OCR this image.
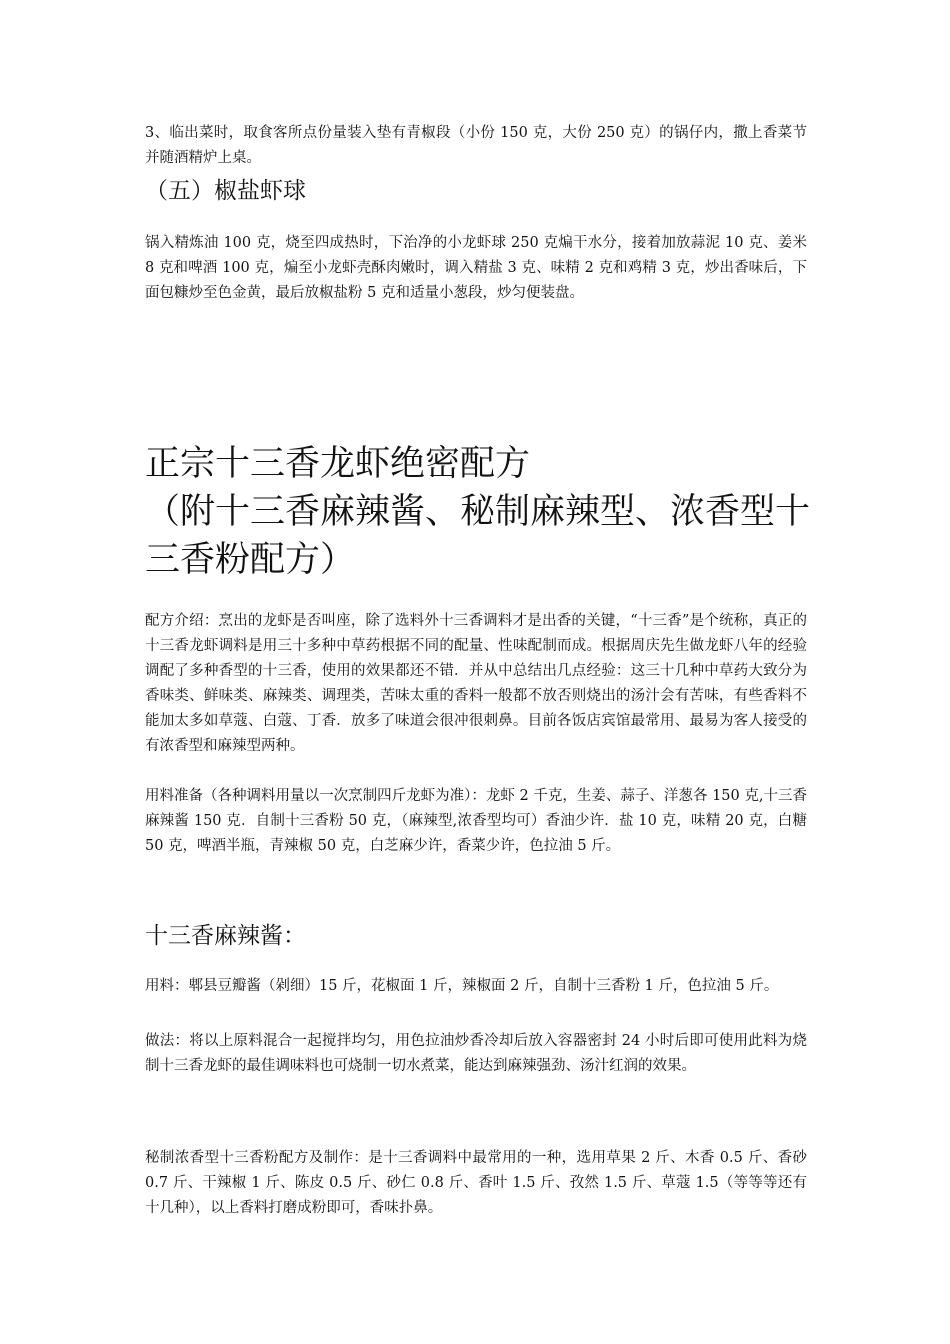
3、临出菜时，取食客所点份量装入垫有青椒段（小份 150 克，大份 250 克）的锅仔内，撒上香菜节并随酒精炉上桌。

（五）椒盐虾球

锅入精炼油 100 克，烧至四成热时，下治净的小龙虾球 250 克煸干水分，接着加放蒜泥 10 克、姜米 8 克和啤酒 100 克，煸至小龙虾壳酥肉嫩时，调入精盐 3 克、味精 2 克和鸡精 3 克，炒出香味后，下面包糠炒至色金黄，最后放椒盐粉 5 克和适量小葱段，炒匀便装盘。

正宗十三香龙虾绝密配方
（附十三香麻辣酱、秘制麻辣型、浓香型十
三香粉配方）

配方介绍：烹出的龙虾是否叫座，除了选料外十三香调料才是出香的关键，“十三香”是个统称，真正的十三香龙虾调料是用三十多种中草药根据不同的配量、性味配制而成。根据周庆先生做龙虾八年的经验调配了多种香型的十三香，使用的效果都还不错．并从中总结出几点经验：这三十几种中草药大致分为香味类、鲜味类、麻辣类、调理类，苦味太重的香料一般都不放否则烧出的汤汁会有苦味，有些香料不能加太多如草蔻、白蔻、丁香．放多了味道会很冲很刺鼻。目前各饭店宾馆最常用、最易为客人接受的有浓香型和麻辣型两种。

用料准备（各种调料用量以一次烹制四斤龙虾为准）：龙虾 2 千克，生姜、蒜子、洋葱各 150 克,十三香麻辣酱 150 克．自制十三香粉 50 克，（麻辣型,浓香型均可）香油少许．盐 10 克，味精 20 克，白糖 50 克，啤酒半瓶，青辣椒 50 克，白芝麻少许，香菜少许，色拉油 5 斤。

十三香麻辣酱：

用料：郫县豆瓣酱（剁细）15 斤，花椒面 1 斤，辣椒面 2 斤，自制十三香粉 1 斤，色拉油 5 斤。

做法：将以上原料混合一起搅拌均匀，用色拉油炒香冷却后放入容器密封 24 小时后即可使用此料为烧制十三香龙虾的最佳调味料也可烧制一切水煮菜，能达到麻辣强劲、汤汁红润的效果。

秘制浓香型十三香粉配方及制作：是十三香调料中最常用的一种，选用草果 2 斤、木香 0.5 斤、香砂 0.7 斤、干辣椒 1 斤、陈皮 0.5 斤、砂仁 0.8 斤、香叶 1.5 斤、孜然 1.5 斤、草蔻 1.5（等等等还有十几种），以上香料打磨成粉即可，香味扑鼻。
